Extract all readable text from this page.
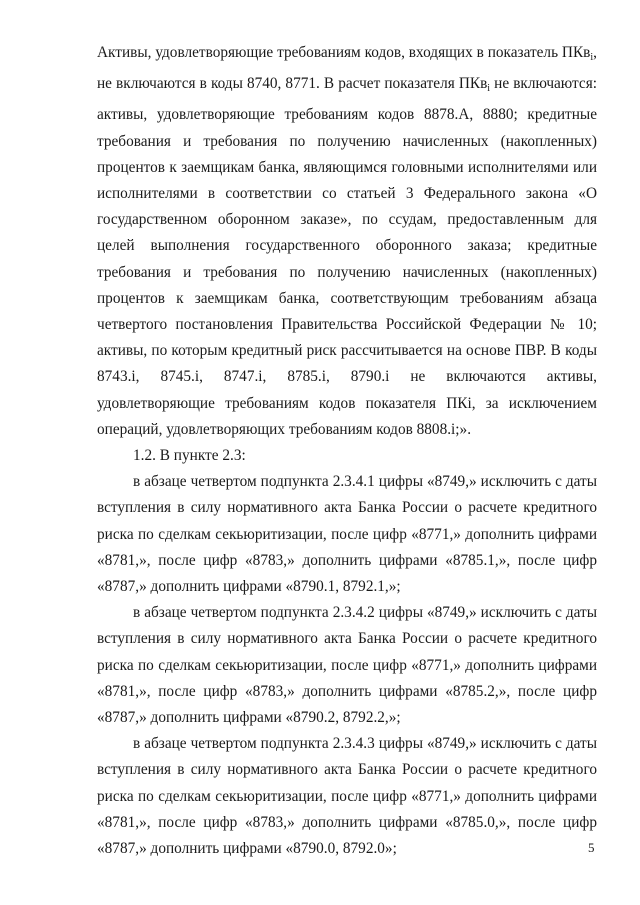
Активы, удовлетворяющие требованиям кодов, входящих в показатель ПКв$_i$, не включаются в коды 8740, 8771. В расчет показателя ПКв$_i$ не включаются: активы, удовлетворяющие требованиям кодов 8878.А, 8880; кредитные требования и требования по получению начисленных (накопленных) процентов к заемщикам банка, являющимся головными исполнителями или исполнителями в соответствии со статьей 3 Федерального закона «О государственном оборонном заказе», по ссудам, предоставленным для целей выполнения государственного оборонного заказа; кредитные требования и требования по получению начисленных (накопленных) процентов к заемщикам банка, соответствующим требованиям абзаца четвертого постановления Правительства Российской Федерации № 10; активы, по которым кредитный риск рассчитывается на основе ПВР. В коды 8743.i, 8745.i, 8747.i, 8785.i, 8790.i не включаются активы, удовлетворяющие требованиям кодов показателя ПКi, за исключением операций, удовлетворяющих требованиям кодов 8808.i;».

1.2. В пункте 2.3:

в абзаце четвертом подпункта 2.3.4.1 цифры «8749,» исключить с даты вступления в силу нормативного акта Банка России о расчете кредитного риска по сделкам секьюритизации, после цифр «8771,» дополнить цифрами «8781,», после цифр «8783,» дополнить цифрами «8785.1,», после цифр «8787,» дополнить цифрами «8790.1, 8792.1,»;

в абзаце четвертом подпункта 2.3.4.2 цифры «8749,» исключить с даты вступления в силу нормативного акта Банка России о расчете кредитного риска по сделкам секьюритизации, после цифр «8771,» дополнить цифрами «8781,», после цифр «8783,» дополнить цифрами «8785.2,», после цифр «8787,» дополнить цифрами «8790.2, 8792.2,»;

в абзаце четвертом подпункта 2.3.4.3 цифры «8749,» исключить с даты вступления в силу нормативного акта Банка России о расчете кредитного риска по сделкам секьюритизации, после цифр «8771,» дополнить цифрами «8781,», после цифр «8783,» дополнить цифрами «8785.0,», после цифр «8787,» дополнить цифрами «8790.0, 8792.0»;	5
